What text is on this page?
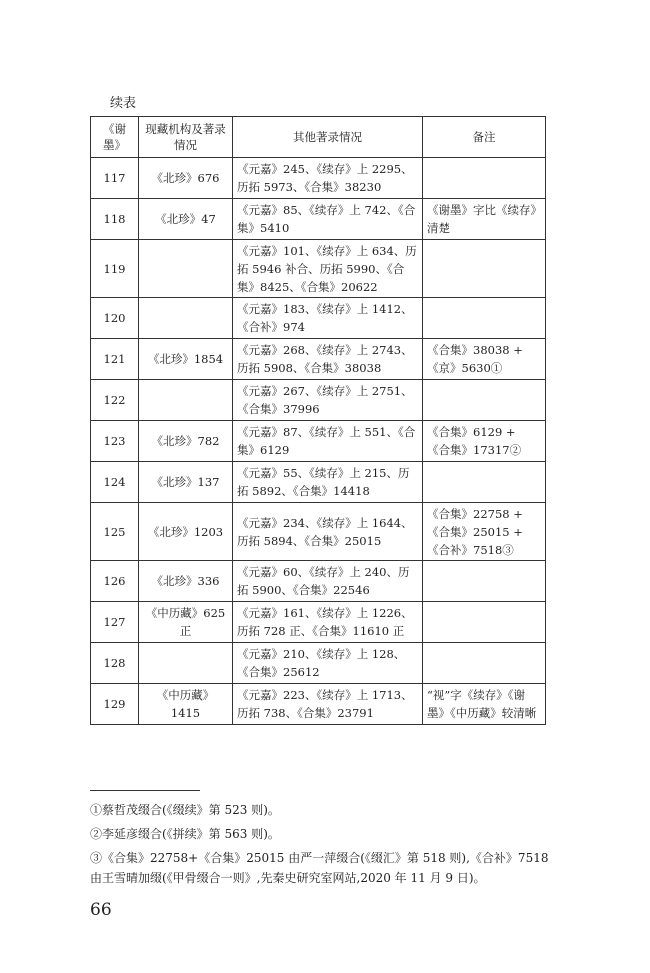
续表
《谢墨》	现藏机构及著录情况	其他著录情况	备注
117	《北珍》676	《元嘉》245、《续存》上 2295、历拓 5973、《合集》38230	
118	《北珍》47	《元嘉》85、《续存》上 742、《合集》5410	《谢墨》字比《续存》清楚
119		《元嘉》101、《续存》上 634、历拓 5946 补合、历拓 5990、《合集》8425、《合集》20622	
120		《元嘉》183、《续存》上 1412、《合补》974	
121	《北珍》1854	《元嘉》268、《续存》上 2743、历拓 5908、《合集》38038	《合集》38038 + 《京》5630①
122		《元嘉》267、《续存》上 2751、《合集》37996	
123	《北珍》782	《元嘉》87、《续存》上 551、《合集》6129	《合集》6129 + 《合集》17317②
124	《北珍》137	《元嘉》55、《续存》上 215、历拓 5892、《合集》14418	
125	《北珍》1203	《元嘉》234、《续存》上 1644、历拓 5894、《合集》25015	《合集》22758 + 《合集》25015 + 《合补》7518③
126	《北珍》336	《元嘉》60、《续存》上 240、历拓 5900、《合集》22546	
127	《中历藏》625 正	《元嘉》161、《续存》上 1226、历拓 728 正、《合集》11610 正	
128		《元嘉》210、《续存》上 128、《合集》25612	
129	《中历藏》1415	《元嘉》223、《续存》上 1713、历拓 738、《合集》23791	“视”字《续存》《谢墨》《中历藏》较清晰

①蔡哲茂缀合(《缀续》第 523 则)。

②李延彦缀合(《拼续》第 563 则)。

③《合集》22758+《合集》25015 由严一萍缀合(《缀汇》第 518 则),《合补》7518 由王雪晴加缀(《甲骨缀合一则》,先秦史研究室网站,2020 年 11 月 9 日)。

66
